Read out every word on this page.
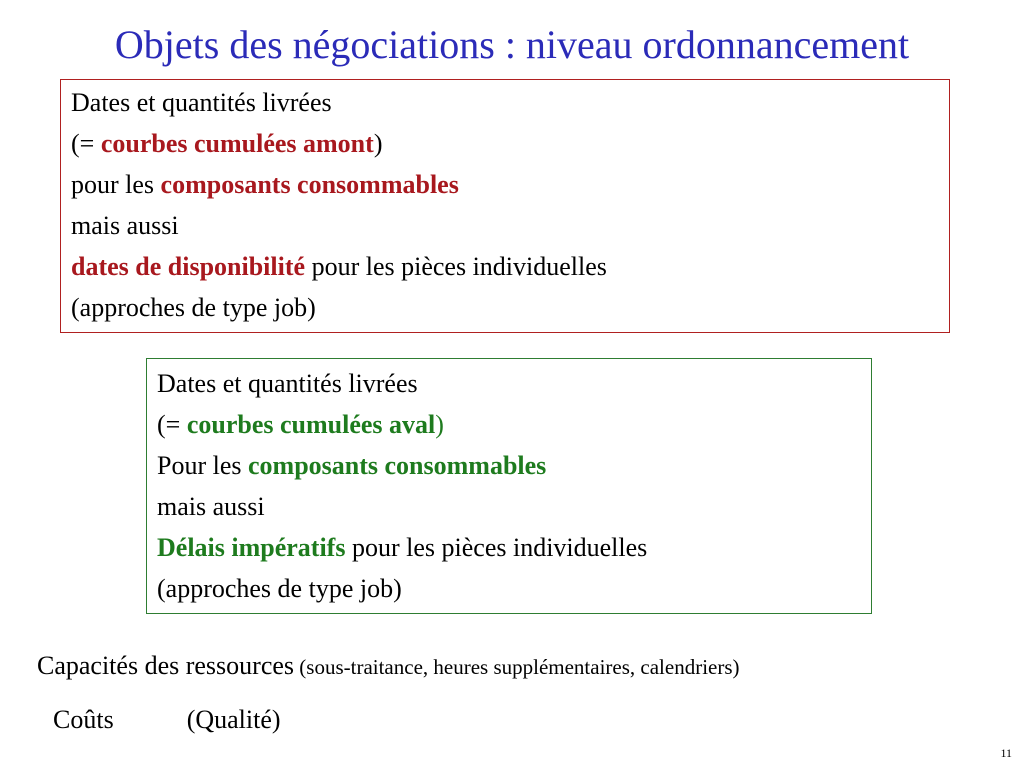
Objets des négociations : niveau ordonnancement
Dates et quantités livrées
(= courbes cumulées amont)
pour les composants consommables
mais aussi
dates de disponibilité pour les pièces individuelles
(approches de type job)
Dates et quantités livrées
(= courbes cumulées aval)
Pour les composants consommables
mais aussi
Délais impératifs pour les pièces individuelles
(approches de type job)
Capacités des ressources (sous-traitance, heures supplémentaires, calendriers)
Coûts	(Qualité)
11
